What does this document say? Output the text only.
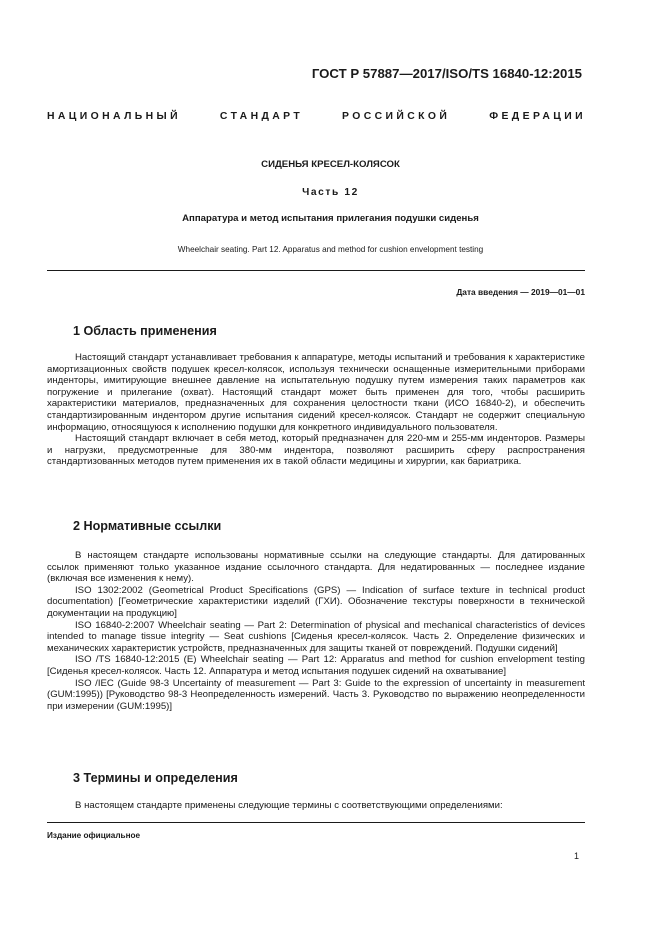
ГОСТ Р 57887—2017/ISO/TS 16840-12:2015
НАЦИОНАЛЬНЫЙ СТАНДАРТ РОССИЙСКОЙ ФЕДЕРАЦИИ
СИДЕНЬЯ КРЕСЕЛ-КОЛЯСОК
Часть 12
Аппаратура и метод испытания прилегания подушки сиденья
Wheelchair seating. Part 12. Apparatus and method for cushion envelopment testing
Дата введения — 2019—01—01
1 Область применения

Настоящий стандарт устанавливает требования к аппаратуре, методы испытаний и требования к характеристике амортизационных свойств подушек кресел-колясок, используя технически оснащенные измерительными приборами инденторы, имитирующие внешнее давление на испытательную подушку путем измерения таких параметров как погружение и прилегание (охват). Настоящий стандарт может быть применен для того, чтобы расширить характеристики материалов, предназначенных для сохранения целостности ткани (ИСО 16840-2), и обеспечить стандартизированным индентором другие испытания сидений кресел-колясок. Стандарт не содержит специальную информацию, относящуюся к исполнению подушки для конкретного индивидуального пользователя.

Настоящий стандарт включает в себя метод, который предназначен для 220-мм и 255-мм инденторов. Размеры и нагрузки, предусмотренные для 380-мм индентора, позволяют расширить сферу распространения стандартизованных методов путем применения их в такой области медицины и хирургии, как бариатрика.

2 Нормативные ссылки

В настоящем стандарте использованы нормативные ссылки на следующие стандарты. Для датированных ссылок применяют только указанное издание ссылочного стандарта. Для недатированных — последнее издание (включая все изменения к нему).

ISO 1302:2002 (Geometrical Product Specifications (GPS) — Indication of surface texture in technical product documentation) [Геометрические характеристики изделий (ГХИ). Обозначение текстуры поверхности в технической документации на продукцию]

ISO 16840-2:2007 Wheelchair seating — Part 2: Determination of physical and mechanical characteristics of devices intended to manage tissue integrity — Seat cushions [Сиденья кресел-колясок. Часть 2. Определение физических и механических характеристик устройств, предназначенных для защиты тканей от повреждений. Подушки сидений]

ISO /TS 16840-12:2015 (E) Wheelchair seating — Part 12: Apparatus and method for cushion envelopment testing [Сиденья кресел-колясок. Часть 12. Аппаратура и метод испытания подушек сидений на охватывание]

ISO /IEC (Guide 98-3 Uncertainty of measurement — Part 3: Guide to the expression of uncertainty in measurement (GUM:1995)) [Руководство 98-3 Неопределенность измерений. Часть 3. Руководство по выражению неопределенности при измерении (GUM:1995)]

3 Термины и определения

В настоящем стандарте применены следующие термины с соответствующими определениями:

Издание официальное
1
